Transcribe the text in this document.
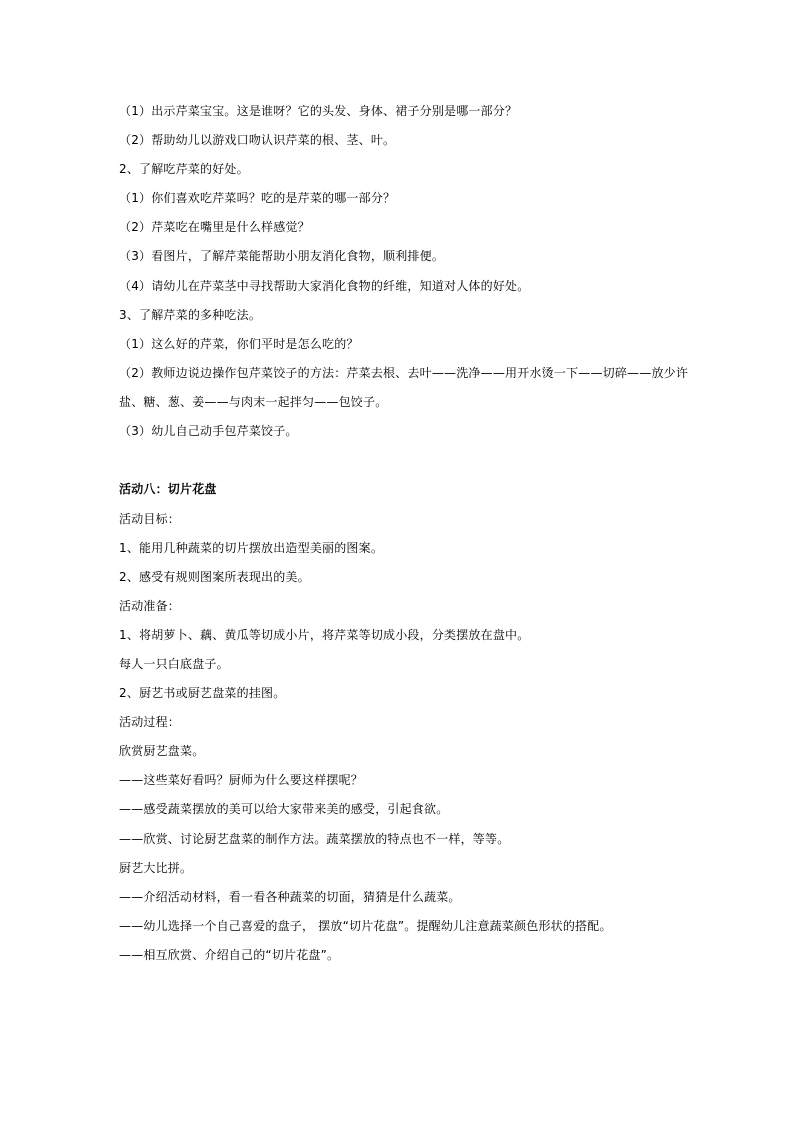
（1）出示芹菜宝宝。这是谁呀？它的头发、身体、裙子分别是哪一部分？
（2）帮助幼儿以游戏口吻认识芹菜的根、茎、叶。
2、了解吃芹菜的好处。
（1）你们喜欢吃芹菜吗？吃的是芹菜的哪一部分？
（2）芹菜吃在嘴里是什么样感觉？
（3）看图片，了解芹菜能帮助小朋友消化食物，顺利排便。
（4）请幼儿在芹菜茎中寻找帮助大家消化食物的纤维，知道对人体的好处。
3、了解芹菜的多种吃法。
（1）这么好的芹菜，你们平时是怎么吃的？
（2）教师边说边操作包芹菜饺子的方法：芹菜去根、去叶——洗净——用开水烫一下——切碎——放少许
盐、糖、葱、姜——与肉末一起拌匀——包饺子。
（3）幼儿自己动手包芹菜饺子。
活动八：切片花盘
活动目标：
1、能用几种蔬菜的切片摆放出造型美丽的图案。
2、感受有规则图案所表现出的美。
活动准备：
1、将胡萝卜、藕、黄瓜等切成小片，将芹菜等切成小段，分类摆放在盘中。
每人一只白底盘子。
2、厨艺书或厨艺盘菜的挂图。
活动过程：
欣赏厨艺盘菜。
——这些菜好看吗？厨师为什么要这样摆呢？
——感受蔬菜摆放的美可以给大家带来美的感受，引起食欲。
——欣赏、讨论厨艺盘菜的制作方法。蔬菜摆放的特点也不一样，等等。
厨艺大比拼。
——介绍活动材料，看一看各种蔬菜的切面，猜猜是什么蔬菜。
——幼儿选择一个自己喜爱的盘子， 摆放“切片花盘”。提醒幼儿注意蔬菜颜色形状的搭配。
——相互欣赏、介绍自己的“切片花盘”。
